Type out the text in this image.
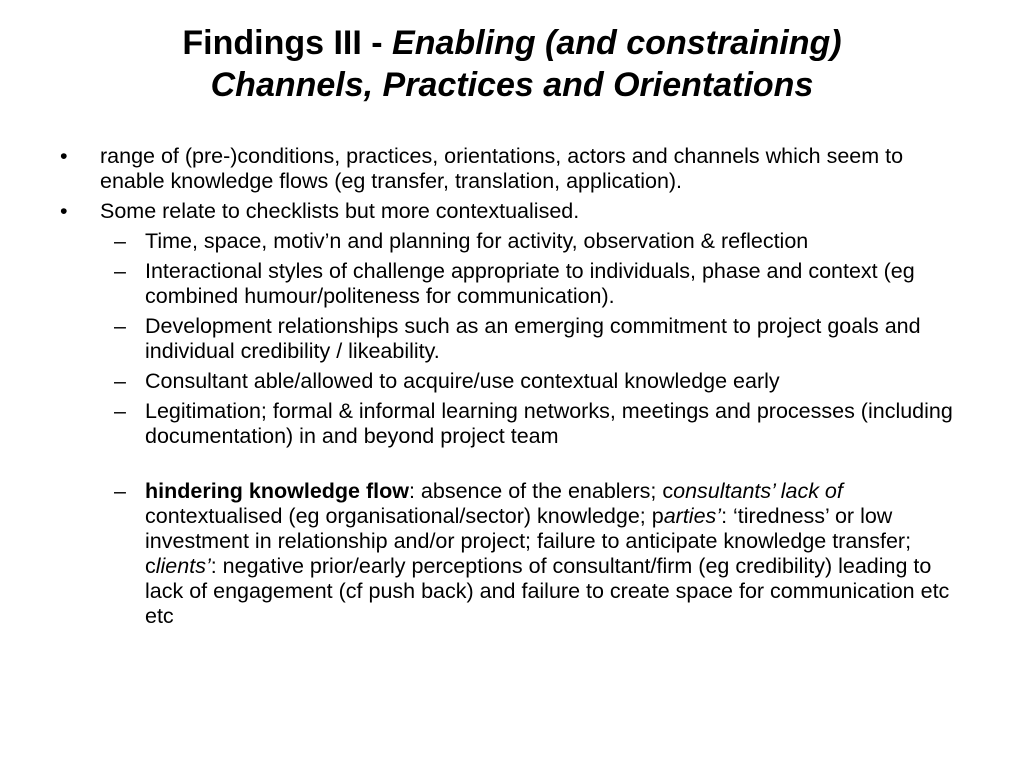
Findings III - Enabling (and constraining)
Channels, Practices and Orientations

• range of (pre-)conditions, practices, orientations, actors and channels which seem to enable knowledge flows (eg transfer, translation, application).

• Some relate to checklists but more contextualised.

– Time, space, motiv’n and planning for activity, observation & reflection

– Interactional styles of challenge appropriate to individuals, phase and context (eg combined humour/politeness for communication).

– Development relationships such as an emerging commitment to project goals and individual credibility / likeability.

– Consultant able/allowed to acquire/use contextual knowledge early

– Legitimation; formal & informal learning networks, meetings and processes (including documentation) in and beyond project team

– hindering knowledge flow: absence of the enablers; consultants’ lack of contextualised (eg organisational/sector) knowledge; parties’: ‘tiredness’ or low investment in relationship and/or project; failure to anticipate knowledge transfer; clients’: negative prior/early perceptions of consultant/firm (eg credibility) leading to lack of engagement (cf push back) and failure to create space for communication etc etc
